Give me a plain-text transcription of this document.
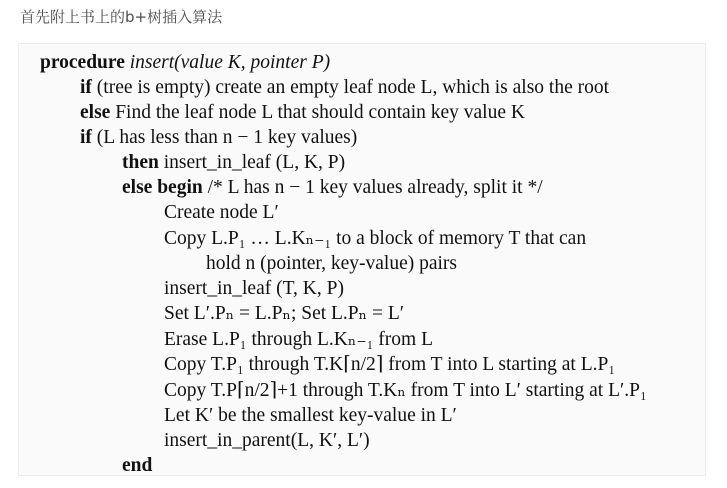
首先附上书上的b+树插入算法
procedure insert(value K, pointer P)
if (tree is empty) create an empty leaf node L, which is also the root
else Find the leaf node L that should contain key value K
if (L has less than n − 1 key values)
then insert_in_leaf (L, K, P)
else begin /* L has n − 1 key values already, split it */
Create node L′
Copy L.P₁ … L.Kₙ₋₁ to a block of memory T that can
hold n (pointer, key-value) pairs
insert_in_leaf (T, K, P)
Set L′.Pₙ = L.Pₙ; Set L.Pₙ = L′
Erase L.P₁ through L.Kₙ₋₁ from L
Copy T.P₁ through T.K⌈n/2⌉ from T into L starting at L.P₁
Copy T.P⌈n/2⌉+1 through T.Kₙ from T into L′ starting at L′.P₁
Let K′ be the smallest key-value in L′
insert_in_parent(L, K′, L′)
end
